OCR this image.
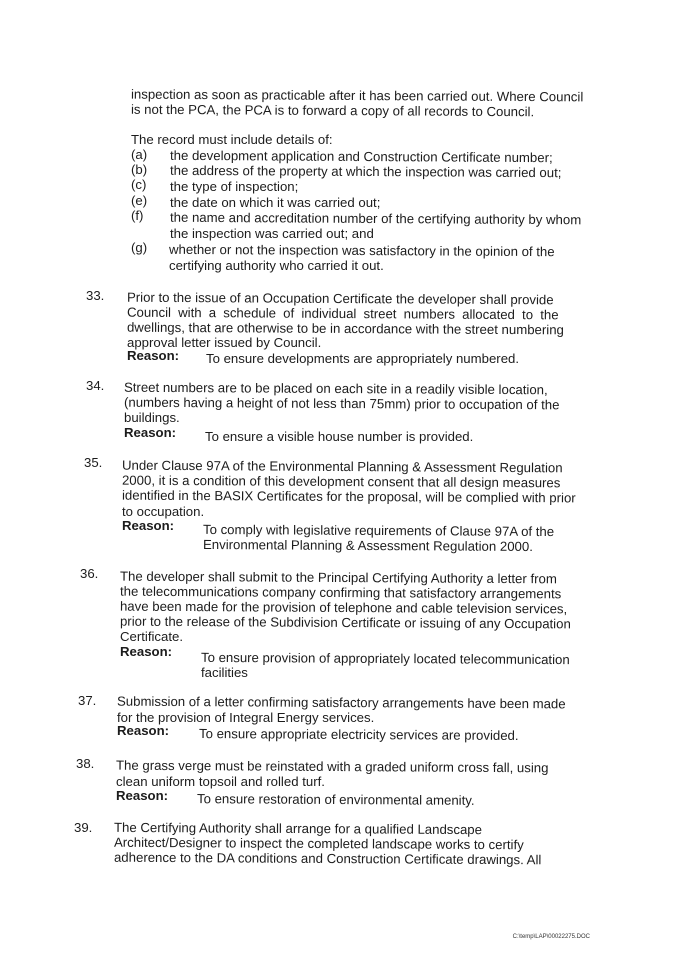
inspection as soon as practicable after it has been carried out. Where Council
is not the PCA, the PCA is to forward a copy of all records to Council.
The record must include details of:
(a) the development application and Construction Certificate number;
(b) the address of the property at which the inspection was carried out;
(c) the type of inspection;
(e) the date on which it was carried out;
(f) the name and accreditation number of the certifying authority by whom
the inspection was carried out; and
(g) whether or not the inspection was satisfactory in the opinion of the
certifying authority who carried it out.
33. Prior to the issue of an Occupation Certificate the developer shall provide
Council with a schedule of individual street numbers allocated to the
dwellings, that are otherwise to be in accordance with the street numbering
approval letter issued by Council.
Reason: To ensure developments are appropriately numbered.
34. Street numbers are to be placed on each site in a readily visible location,
(numbers having a height of not less than 75mm) prior to occupation of the
buildings.
Reason: To ensure a visible house number is provided.
35. Under Clause 97A of the Environmental Planning & Assessment Regulation
2000, it is a condition of this development consent that all design measures
identified in the BASIX Certificates for the proposal, will be complied with prior
to occupation.
Reason: To comply with legislative requirements of Clause 97A of the
Environmental Planning & Assessment Regulation 2000.
36. The developer shall submit to the Principal Certifying Authority a letter from
the telecommunications company confirming that satisfactory arrangements
have been made for the provision of telephone and cable television services,
prior to the release of the Subdivision Certificate or issuing of any Occupation
Certificate.
Reason: To ensure provision of appropriately located telecommunication
facilities
37. Submission of a letter confirming satisfactory arrangements have been made
for the provision of Integral Energy services.
Reason: To ensure appropriate electricity services are provided.
38. The grass verge must be reinstated with a graded uniform cross fall, using
clean uniform topsoil and rolled turf.
Reason: To ensure restoration of environmental amenity.
39. The Certifying Authority shall arrange for a qualified Landscape
Architect/Designer to inspect the completed landscape works to certify
adherence to the DA conditions and Construction Certificate drawings. All
C:\temp\LAP\00022275.DOC
